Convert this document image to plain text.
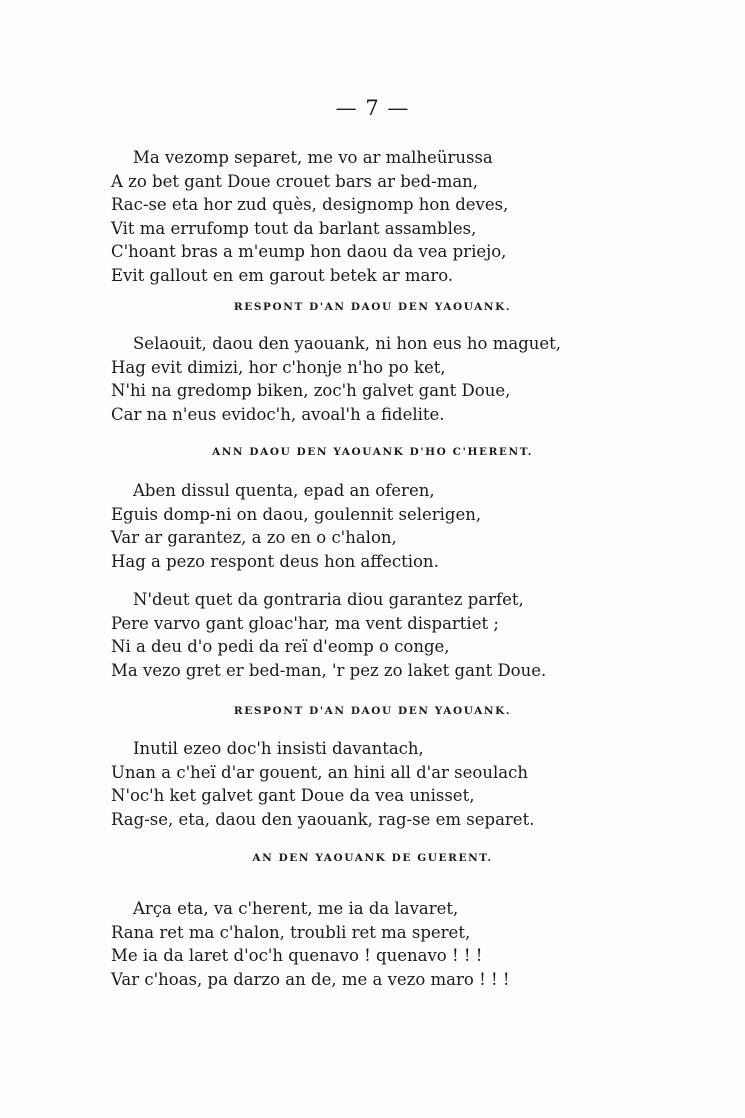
— 7 —
Ma vezomp separet, me vo ar malheürussa
A zo bet gant Doue crouet bars ar bed-man,
Rac-se eta hor zud quès, designomp hon deves,
Vit ma errufomp tout da barlant assambles,
C'hoant bras a m'eump hon daou da vea priejo,
Evit gallout en em garout betek ar maro.
RESPONT D'AN DAOU DEN YAOUANK.
Selaouit, daou den yaouank, ni hon eus ho maguet,
Hag evit dimizi, hor c'honje n'ho po ket,
N'hi na gredomp biken, zoc'h galvet gant Doue,
Car na n'eus evidoc'h, avoal'h a fidelite.
ANN DAOU DEN YAOUANK D'HO C'HERENT.
Aben dissul quenta, epad an oferen,
Eguis domp-ni on daou, goulennit selerigen,
Var ar garantez, a zo en o c'halon,
Hag a pezo respont deus hon affection.
N'deut quet da gontraria diou garantez parfet,
Pere varvo gant gloac'har, ma vent dispartiet ;
Ni a deu d'o pedi da reï d'eomp o conge,
Ma vezo gret er bed-man, 'r pez zo laket gant Doue.
RESPONT D'AN DAOU DEN YAOUANK.
Inutil ezeo doc'h insisti davantach,
Unan a c'heï d'ar gouent, an hini all d'ar seoulach
N'oc'h ket galvet gant Doue da vea unisset,
Rag-se, eta, daou den yaouank, rag-se em separet.
AN DEN YAOUANK DE GUERENT.
Arça eta, va c'herent, me ia da lavaret,
Rana ret ma c'halon, troubli ret ma speret,
Me ia da laret d'oc'h quenavo ! quenavo ! ! !
Var c'hoas, pa darzo an de, me a vezo maro ! ! !
